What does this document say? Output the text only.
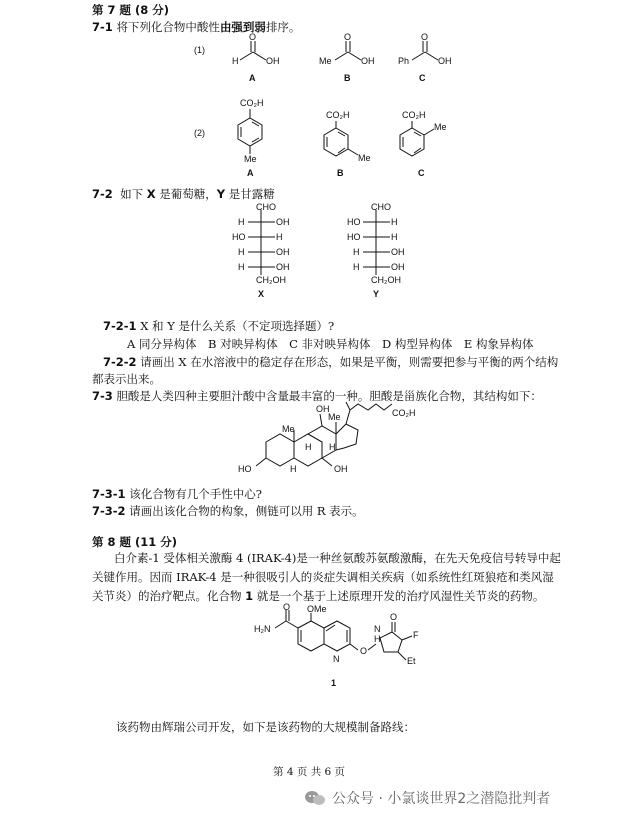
第 7 题 (8 分)
7-1 将下列化合物中酸性由强到弱排序。
(1)
O
H	OH
A
O
Me	OH
B
O
Ph	OH
C
(2)
CO₂H
Me
A
CO₂H
Me
B
CO₂H
Me
C
7-2 如下 X 是葡萄糖，Y 是甘露糖
CHO
H	OH
HO	H
H	OH
H	OH
CH₂OH
X
CHO
HO	H
HO	H
H	OH
H	OH
CH₂OH
Y
7-2-1 X 和 Y 是什么关系（不定项选择题）?
A 同分异构体　B 对映异构体　C 非对映异构体　D 构型异构体　E 构象异构体
7-2-2 请画出 X 在水溶液中的稳定存在形态，如果是平衡，则需要把参与平衡的两个结构
都表示出来。
7-3 胆酸是人类四种主要胆汁酸中含量最丰富的一种。胆酸是甾族化合物，其结构如下：
HO	OH
OH
Me
Me
H H
H
CO₂H
7-3-1 该化合物有几个手性中心?
7-3-2 请画出该化合物的构象，侧链可以用 R 表示。
第 8 题 (11 分)
白介素-1 受体相关激酶 4 (IRAK-4)是一种丝氨酸苏氨酸激酶，在先天免疫信号转导中起
关键作用。因而 IRAK-4 是一种很吸引人的炎症失调相关疾病（如系统性红斑狼疮和类风湿
关节炎）的治疗靶点。化合物 1 就是一个基于上述原理开发的治疗风湿性关节炎的药物。
OMe
O
H₂N
N
O
O
N
H	F
Et
1
该药物由辉瑞公司开发，如下是该药物的大规模制备路线：
第 4 页 共 6 页
公众号 · 小氯谈世界2之潜隐批判者
